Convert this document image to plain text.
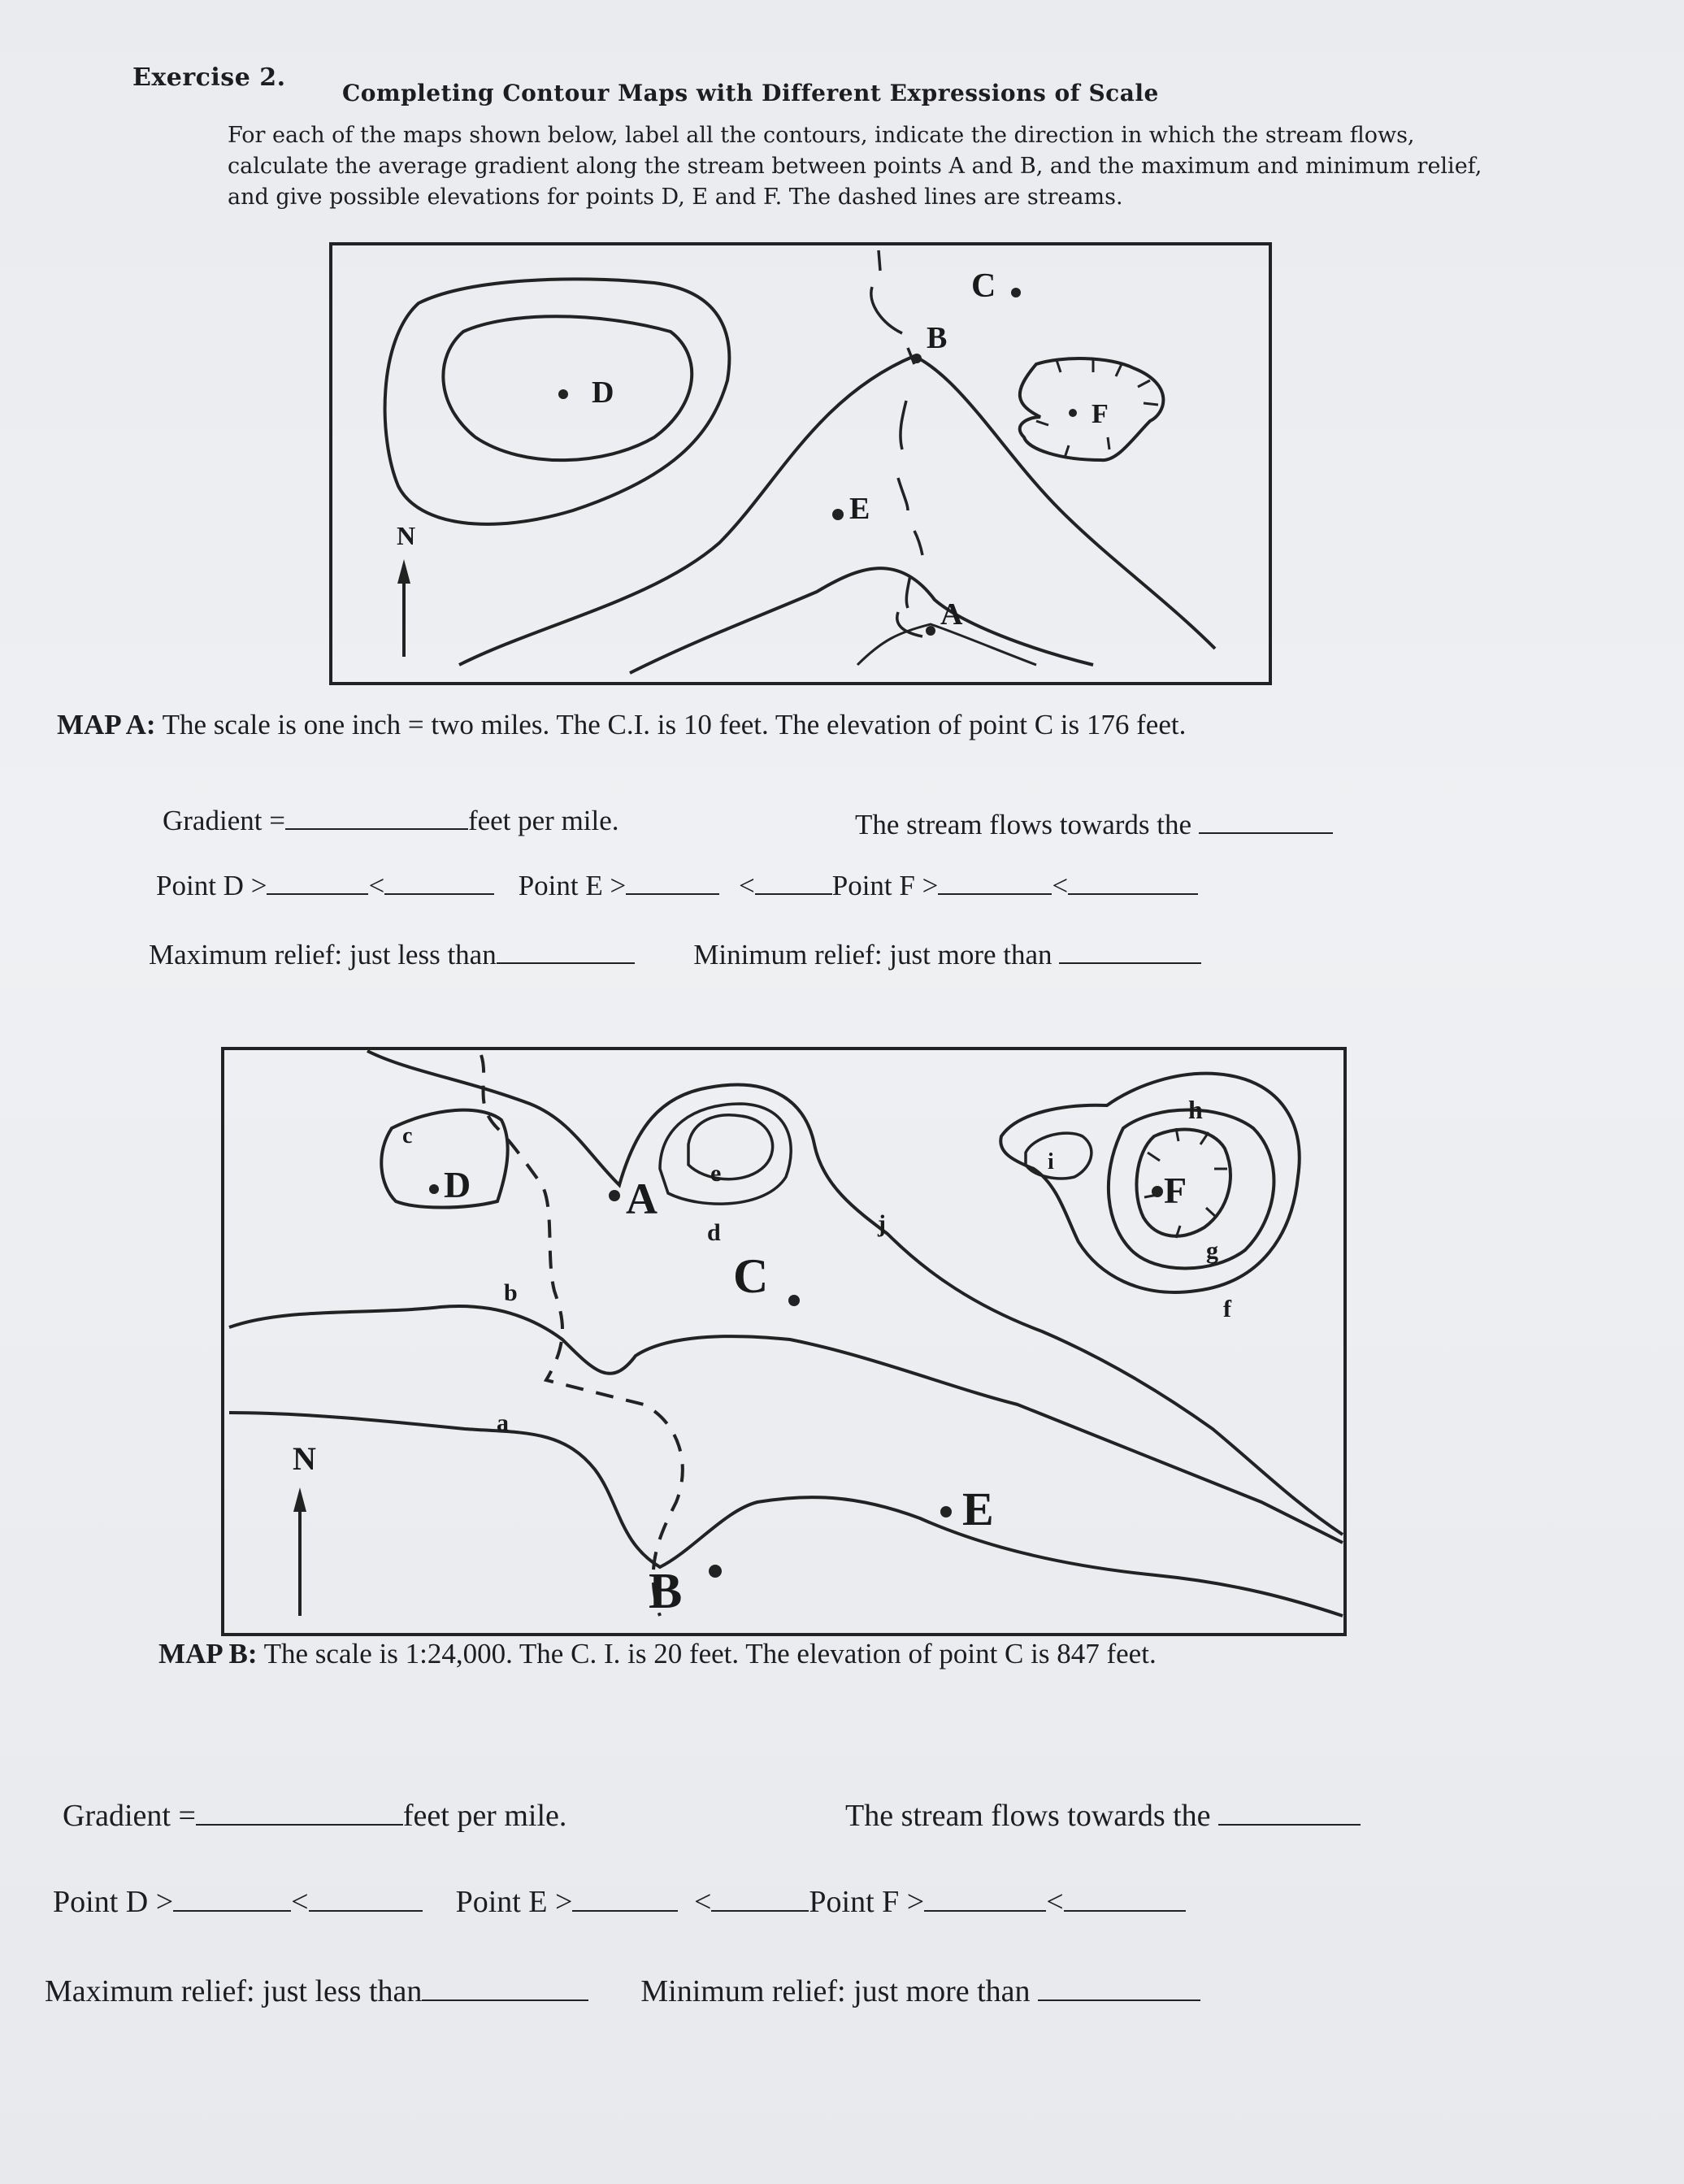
Exercise 2.
Completing Contour Maps with Different Expressions of Scale
For each of the maps shown below, label all the contours, indicate the direction in which the stream flows, calculate the average gradient along the stream between points A and B, and the maximum and minimum relief, and give possible elevations for points D, E and F. The dashed lines are streams.
D
B
A
E
C
F
N
MAP A: The scale is one inch = two miles. The C.I. is 10 feet. The elevation of point C is 176 feet.
Gradient =	feet per mile.	The stream flows towards the
Point D >	<	Point E >	<	Point F >	<
Maximum relief: just less than	Minimum relief: just more than
e
c
D
b
a
A
d
C
j
B
E
i
h
F
g
f
N
MAP B: The scale is 1:24,000. The C. I. is 20 feet. The elevation of point C is 847 feet.
Gradient =	feet per mile.	The stream flows towards the
Point D >	<	Point E >	<	Point F >	<
Maximum relief: just less than	Minimum relief: just more than
